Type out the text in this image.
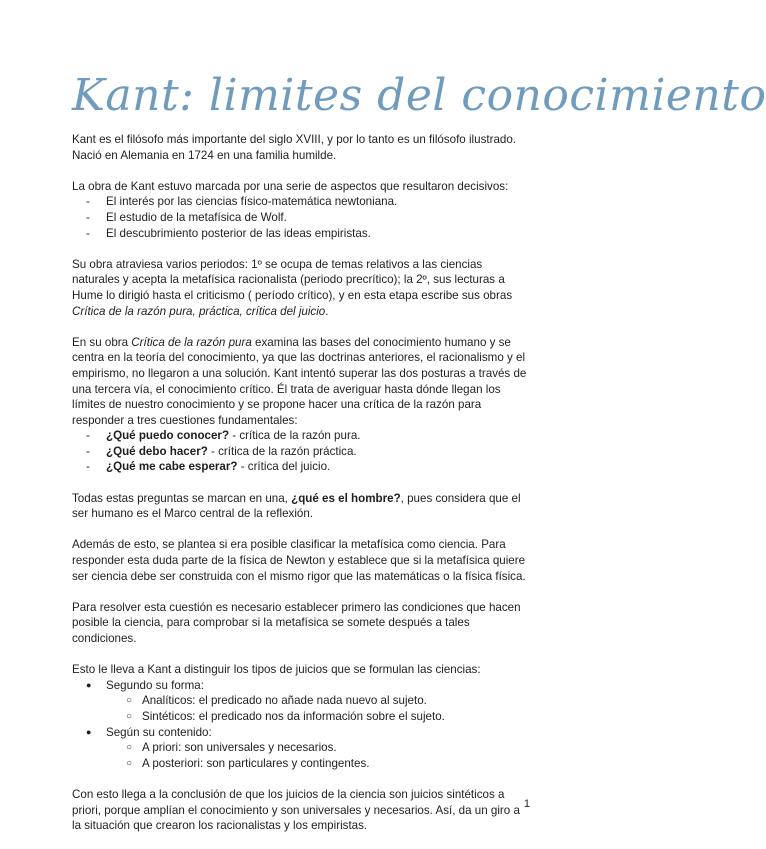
Kant: limites del conocimiento

Kant es el filósofo más importante del siglo XVIII, y por lo tanto es un filósofo ilustrado. Nació en Alemania en 1724 en una familia humilde.

La obra de Kant estuvo marcada por una serie de aspectos que resultaron decisivos:

- El interés por las ciencias físico-matemática newtoniana.
- El estudio de la metafísica de Wolf.
- El descubrimiento posterior de las ideas empiristas.

Su obra atraviesa varios periodos: 1º se ocupa de temas relativos a las ciencias naturales y acepta la metafísica racionalista (periodo precrítico); la 2º, sus lecturas a Hume lo dirigió hasta el criticismo ( período crítico), y en esta etapa escribe sus obras Crítica de la razón pura, práctica, crítica del juicio.

En su obra Crítica de la razón pura examina las bases del conocimiento humano y se centra en la teoría del conocimiento, ya que las doctrinas anteriores, el racionalismo y el empirismo, no llegaron a una solución. Kant intentó superar las dos posturas a través de una tercera vía, el conocimiento crítico. Él trata de averiguar hasta dónde llegan los límites de nuestro conocimiento y se propone hacer una crítica de la razón para responder a tres cuestiones fundamentales:

- ¿Qué puedo conocer? - crítica de la razón pura.
- ¿Qué debo hacer? - crítica de la razón práctica.
- ¿Qué me cabe esperar? - crítica del juicio.

Todas estas preguntas se marcan en una, ¿qué es el hombre?, pues considera que el ser humano es el Marco central de la reflexión.

Además de esto, se plantea si era posible clasificar la metafísica como ciencia. Para responder esta duda parte de la física de Newton y establece que si la metafísica quiere ser ciencia debe ser construida con el mismo rigor que las matemáticas o la física física.

Para resolver esta cuestión es necesario establecer primero las condiciones que hacen posible la ciencia, para comprobar si la metafísica se somete después a tales condiciones.

Esto le lleva a Kant a distinguir los tipos de juicios que se formulan las ciencias:

● Segundo su forma:
○ Analíticos: el predicado no añade nada nuevo al sujeto.
○ Sintéticos: el predicado nos da información sobre el sujeto.
● Según su contenido:
○ A priori: son universales y necesarios.
○ A posteriori: son particulares y contingentes.

Con esto llega a la conclusión de que los juicios de la ciencia son juicios sintéticos a priori, porque amplían el conocimiento y son universales y necesarios. Así, da un giro a la situación que crearon los racionalistas y los empiristas.

1
